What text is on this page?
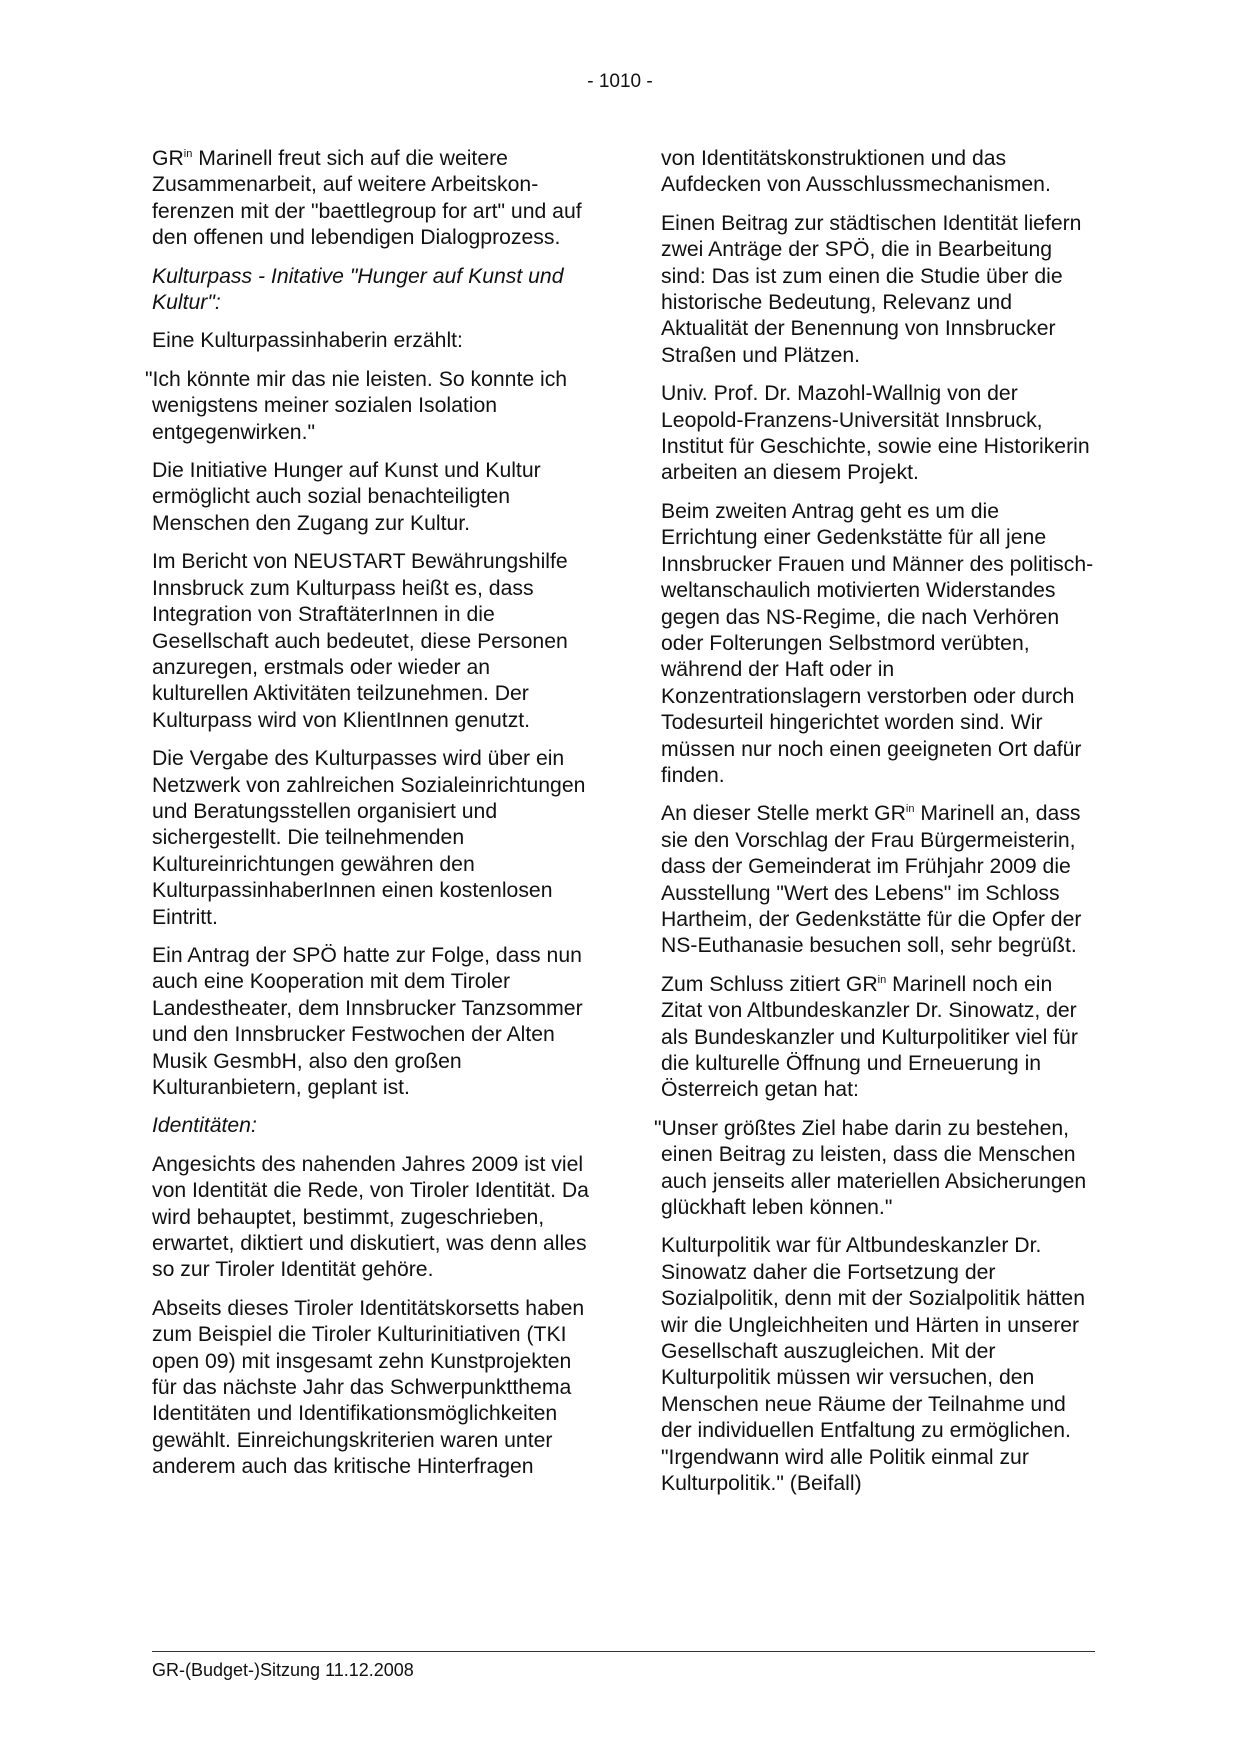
- 1010 -

$GR^{in}$ Marinell freut sich auf die weitere Zusammenarbeit, auf weitere Arbeitskonferenzen mit der "baettlegroup for art" und auf den offenen und lebendigen Dialogprozess.

Kulturpass - Initative "Hunger auf Kunst und Kultur":

Eine Kulturpassinhaberin erzählt:

"Ich könnte mir das nie leisten. So konnte ich wenigstens meiner sozialen Isolation entgegenwirken."

Die Initiative Hunger auf Kunst und Kultur ermöglicht auch sozial benachteiligten Menschen den Zugang zur Kultur.

Im Bericht von NEUSTART Bewährungshilfe Innsbruck zum Kulturpass heißt es, dass Integration von StraftäterInnen in die Gesellschaft auch bedeutet, diese Personen anzuregen, erstmals oder wieder an kulturellen Aktivitäten teilzunehmen. Der Kulturpass wird von KlientInnen genutzt.

Die Vergabe des Kulturpasses wird über ein Netzwerk von zahlreichen Sozialeinrichtungen und Beratungsstellen organisiert und sichergestellt. Die teilnehmenden Kultureinrichtungen gewähren den KulturpassinhaberInnen einen kostenlosen Eintritt.

Ein Antrag der SPÖ hatte zur Folge, dass nun auch eine Kooperation mit dem Tiroler Landestheater, dem Innsbrucker Tanzsommer und den Innsbrucker Festwochen der Alten Musik GesmbH, also den großen Kulturanbietern, geplant ist.

Identitäten:

Angesichts des nahenden Jahres 2009 ist viel von Identität die Rede, von Tiroler Identität. Da wird behauptet, bestimmt, zugeschrieben, erwartet, diktiert und diskutiert, was denn alles so zur Tiroler Identität gehöre.

Abseits dieses Tiroler Identitätskorsetts haben zum Beispiel die Tiroler Kulturinitiativen (TKI open 09) mit insgesamt zehn Kunstprojekten für das nächste Jahr das Schwerpunktthema Identitäten und Identifikationsmöglichkeiten gewählt. Einreichungskriterien waren unter anderem auch das kritische Hinterfragen

von Identitätskonstruktionen und das Aufdecken von Ausschlussmechanismen.

Einen Beitrag zur städtischen Identität liefern zwei Anträge der SPÖ, die in Bearbeitung sind: Das ist zum einen die Studie über die historische Bedeutung, Relevanz und Aktualität der Benennung von Innsbrucker Straßen und Plätzen.

Univ. Prof. Dr. Mazohl-Wallnig von der Leopold-Franzens-Universität Innsbruck, Institut für Geschichte, sowie eine Historikerin arbeiten an diesem Projekt.

Beim zweiten Antrag geht es um die Errichtung einer Gedenkstätte für all jene Innsbrucker Frauen und Männer des politisch-weltanschaulich motivierten Widerstandes gegen das NS-Regime, die nach Verhören oder Folterungen Selbstmord verübten, während der Haft oder in Konzentrationslagern verstorben oder durch Todesurteil hingerichtet worden sind. Wir müssen nur noch einen geeigneten Ort dafür finden.

An dieser Stelle merkt $GR^{in}$ Marinell an, dass sie den Vorschlag der Frau Bürgermeisterin, dass der Gemeinderat im Frühjahr 2009 die Ausstellung "Wert des Lebens" im Schloss Hartheim, der Gedenkstätte für die Opfer der NS-Euthanasie besuchen soll, sehr begrüßt.

Zum Schluss zitiert $GR^{in}$ Marinell noch ein Zitat von Altbundeskanzler Dr. Sinowatz, der als Bundeskanzler und Kulturpolitiker viel für die kulturelle Öffnung und Erneuerung in Österreich getan hat:

"Unser größtes Ziel habe darin zu bestehen, einen Beitrag zu leisten, dass die Menschen auch jenseits aller materiellen Absicherungen glückhaft leben können."

Kulturpolitik war für Altbundeskanzler Dr. Sinowatz daher die Fortsetzung der Sozialpolitik, denn mit der Sozialpolitik hätten wir die Ungleichheiten und Härten in unserer Gesellschaft auszugleichen. Mit der Kulturpolitik müssen wir versuchen, den Menschen neue Räume der Teilnahme und der individuellen Entfaltung zu ermöglichen. "Irgendwann wird alle Politik einmal zur Kulturpolitik." (Beifall)

GR-(Budget-)Sitzung 11.12.2008
